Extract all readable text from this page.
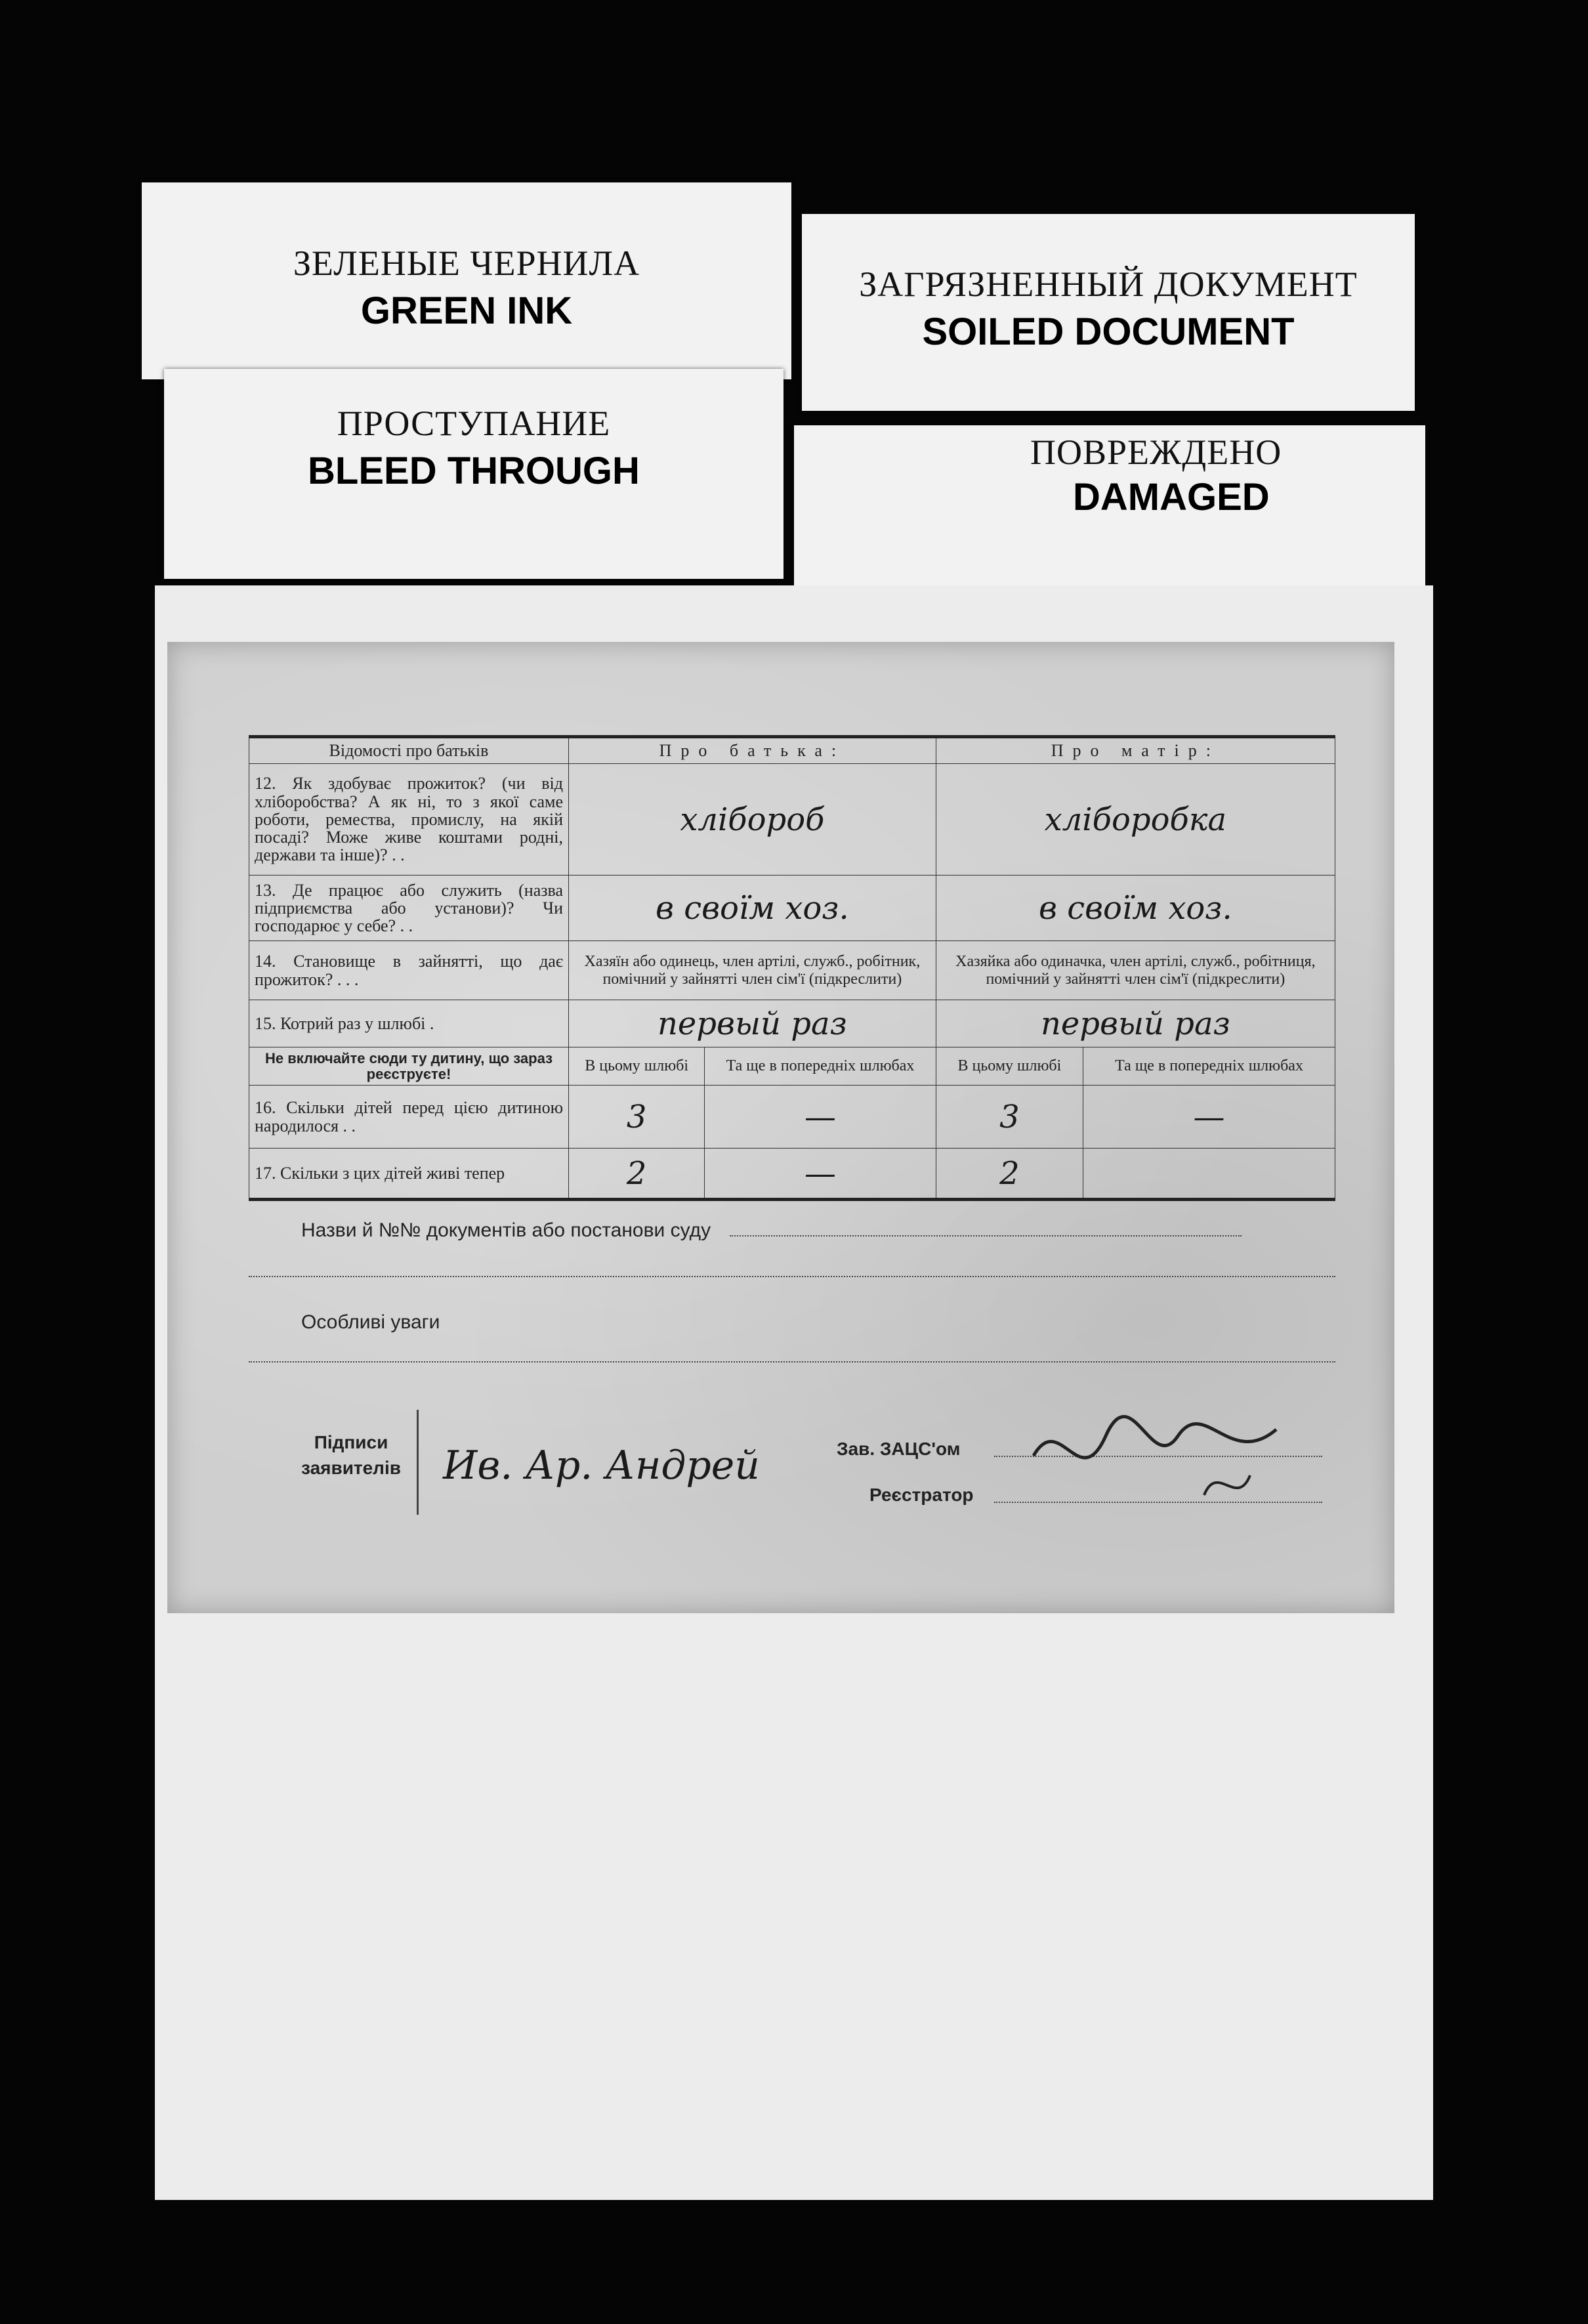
ЗЕЛЕНЫЕ ЧЕРНИЛА
GREEN INK
ЗАГРЯЗНЕННЫЙ ДОКУМЕНТ
SOILED DOCUMENT
ПРОСТУПАНИЕ
BLEED THROUGH	ПОВРЕЖДЕНО
DAMAGED
Відомості про батьків	Про батька:		Про матір:	
12. Як здобуває прожиток? (чи від хліборобства? А як ні, то з якої саме роботи, ремества, промислу, на якій посаді? Може живе коштами родні, держави та інше)? . .	хлібороб		хліборобка	
13. Де працює або служить (назва підприємства або установи)? Чи господарює у себе? . .	в своїм хоз.		в своїм хоз.	
14. Становище в зайнятті, що дає прожиток? . . .	Хазяїн або одинець, член артілі, служб., робітник, помічний у зайнятті член сім'ї (підкреслити)		Хазяйка або одиначка, член артілі, служб., робітниця, помічний у зайнятті член сім'ї (підкреслити)	
15. Котрий раз у шлюбі .	первый раз		первый раз	
Не включайте сюди ту дитину, що зараз реєструєте!	В цьому шлюбі	Та ще в попередніх шлюбах	В цьому шлюбі	Та ще в попередніх шлюбах
16. Скільки дітей перед цією дитиною народилося . .	3	—	3	—
17. Скільки з цих дітей живі тепер	2	—	2	
Назви й №№ документів або постанови суду
Особливі уваги
Підписи заявителів	Ив. Ар. Андрей	Зав. ЗАЦС'ом
Реєстратор
